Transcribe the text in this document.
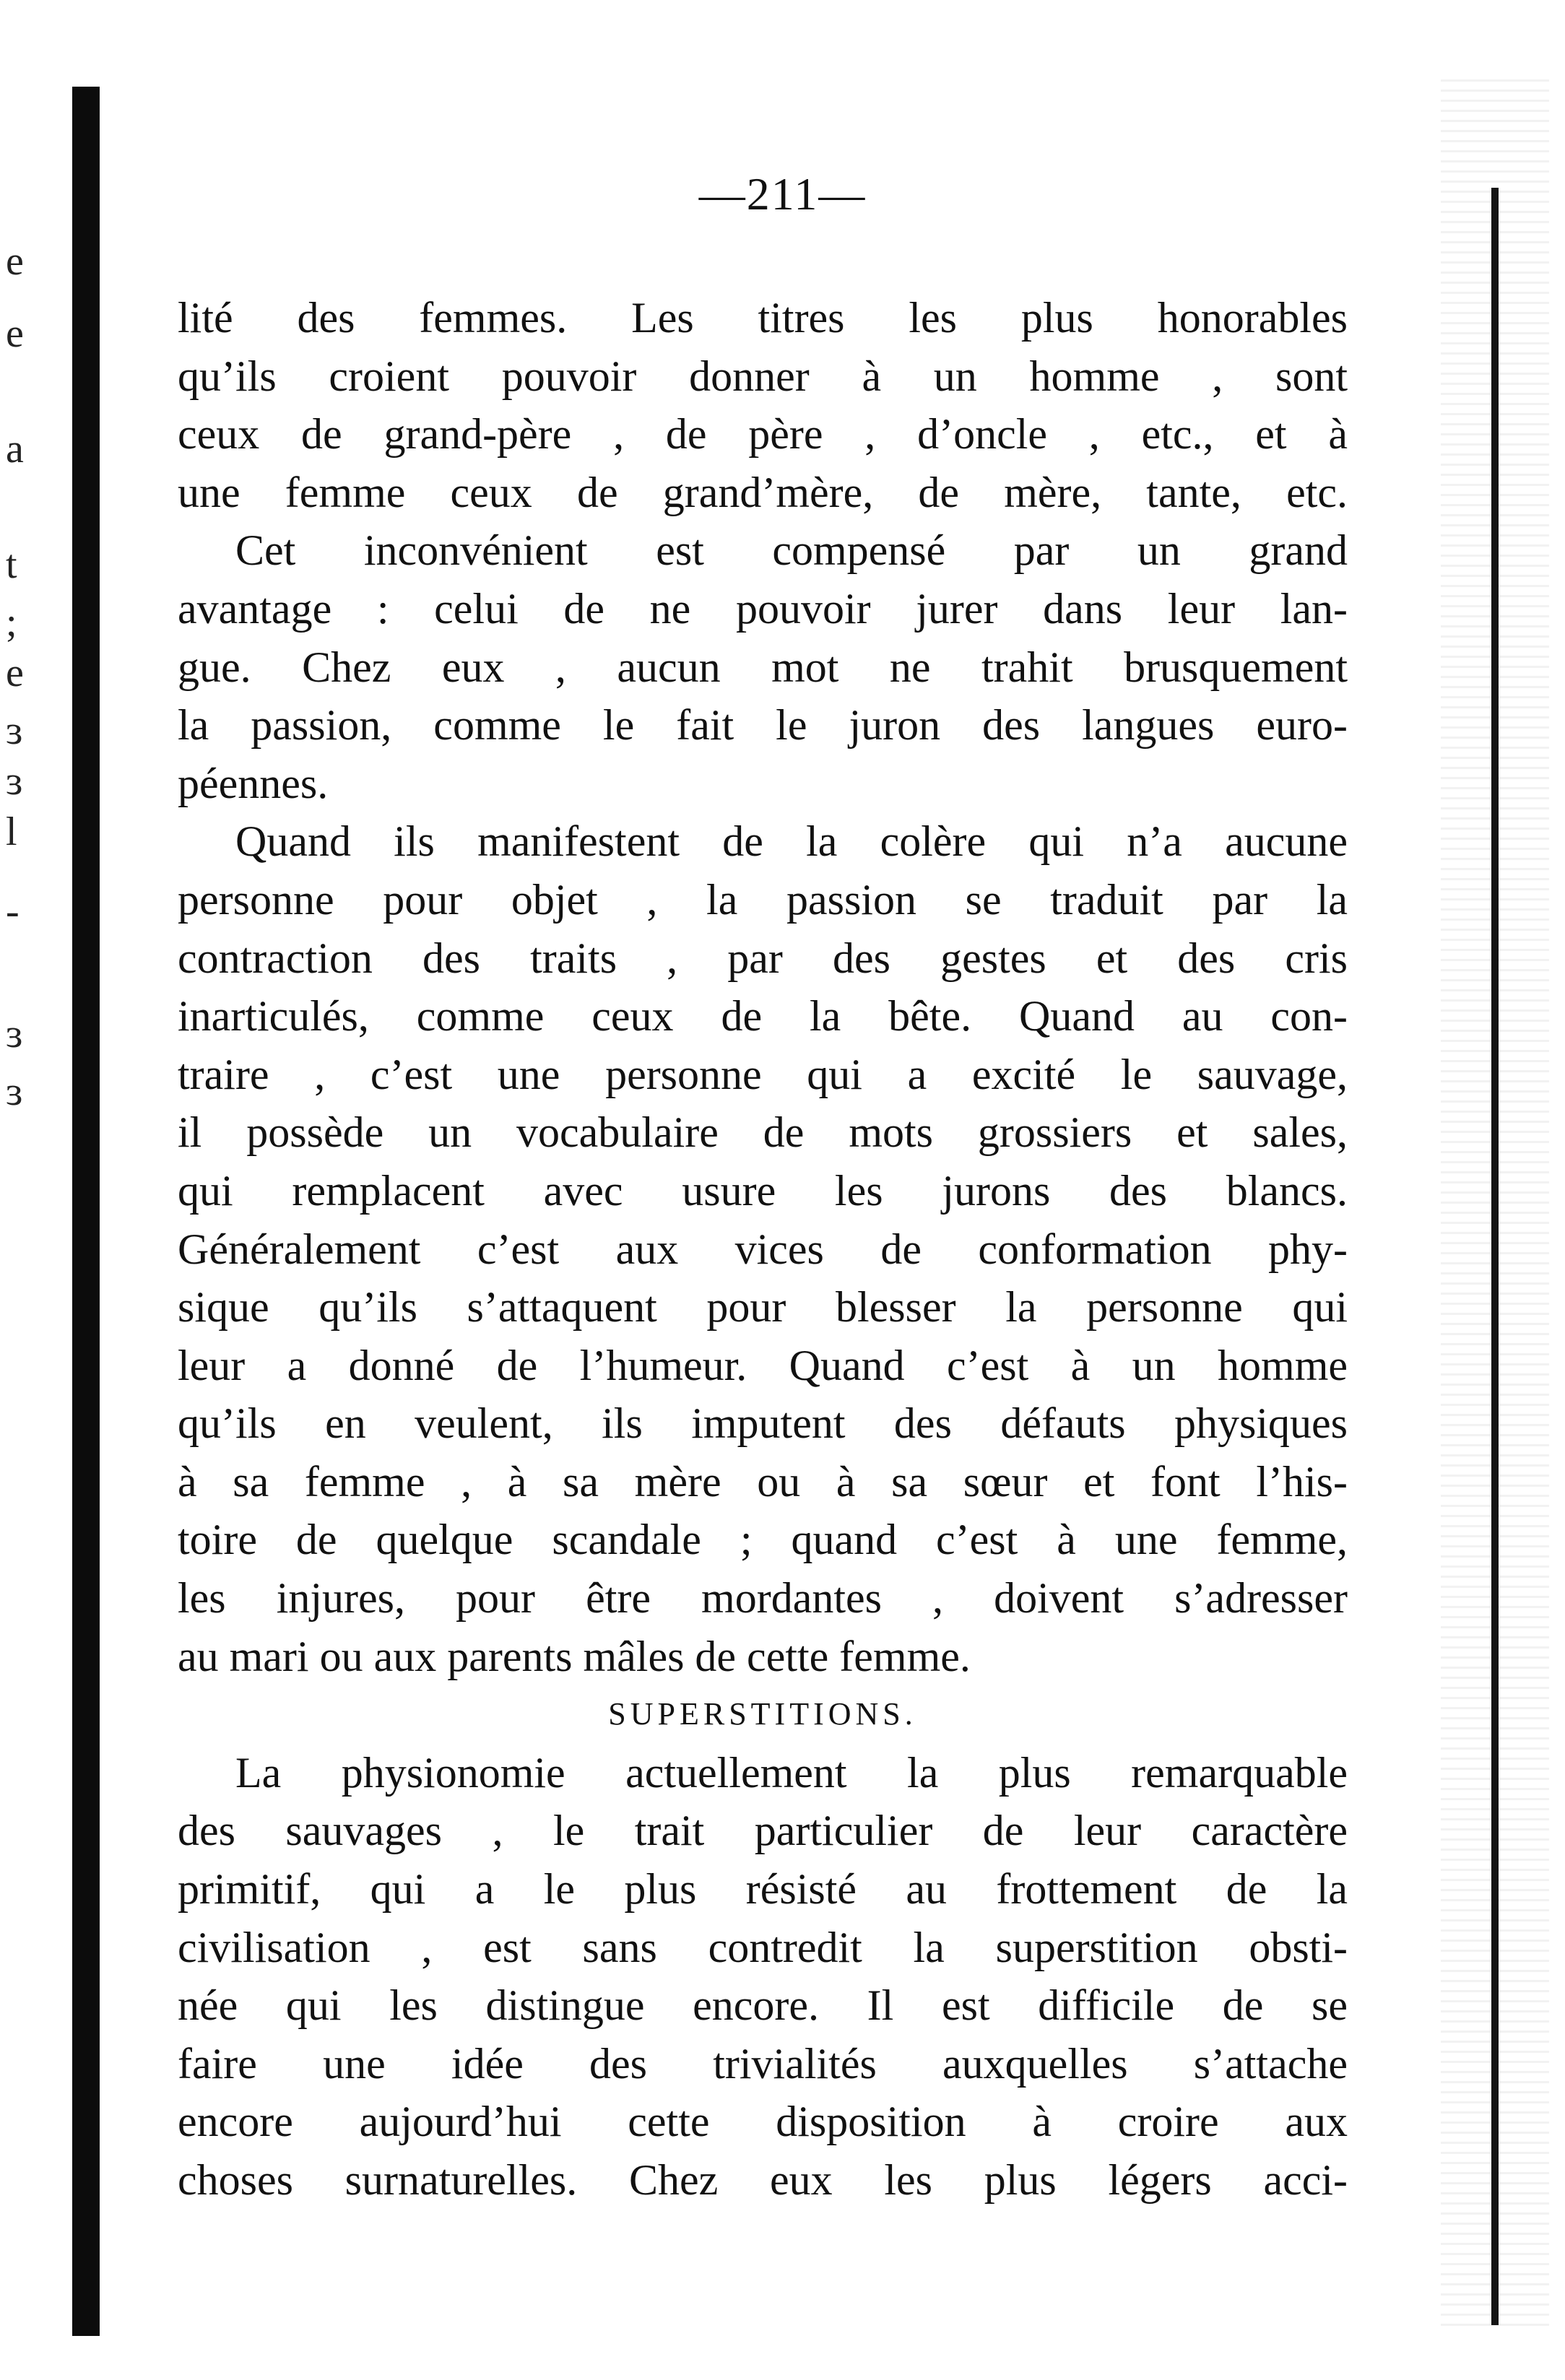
e
e
a
t
;
e
ɜ
ɜ
l
-
ɜ
ɜ
—211—
lité des femmes. Les titres les plus honorables
qu’ils croient pouvoir donner à un homme , sont
ceux de grand-père , de père , d’oncle , etc., et à
une femme ceux de grand’mère, de mère, tante, etc.
Cet inconvénient est compensé par un grand
avantage : celui de ne pouvoir jurer dans leur lan-
gue. Chez eux , aucun mot ne trahit brusquement
la passion, comme le fait le juron des langues euro-
péennes.
Quand ils manifestent de la colère qui n’a aucune
personne pour objet , la passion se traduit par la
contraction des traits , par des gestes et des cris
inarticulés, comme ceux de la bête. Quand au con-
traire , c’est une personne qui a excité le sauvage,
il possède un vocabulaire de mots grossiers et sales,
qui remplacent avec usure les jurons des blancs.
Généralement c’est aux vices de conformation phy-
sique qu’ils s’attaquent pour blesser la personne qui
leur a donné de l’humeur. Quand c’est à un homme
qu’ils en veulent, ils imputent des défauts physiques
à sa femme , à sa mère ou à sa sœur et font l’his-
toire de quelque scandale ; quand c’est à une femme,
les injures, pour être mordantes , doivent s’adresser
au mari ou aux parents mâles de cette femme.
SUPERSTITIONS.
La physionomie actuellement la plus remarquable
des sauvages , le trait particulier de leur caractère
primitif, qui a le plus résisté au frottement de la
civilisation , est sans contredit la superstition obsti-
née qui les distingue encore. Il est difficile de se
faire une idée des trivialités auxquelles s’attache
encore aujourd’hui cette disposition à croire aux
choses surnaturelles. Chez eux les plus légers acci-
